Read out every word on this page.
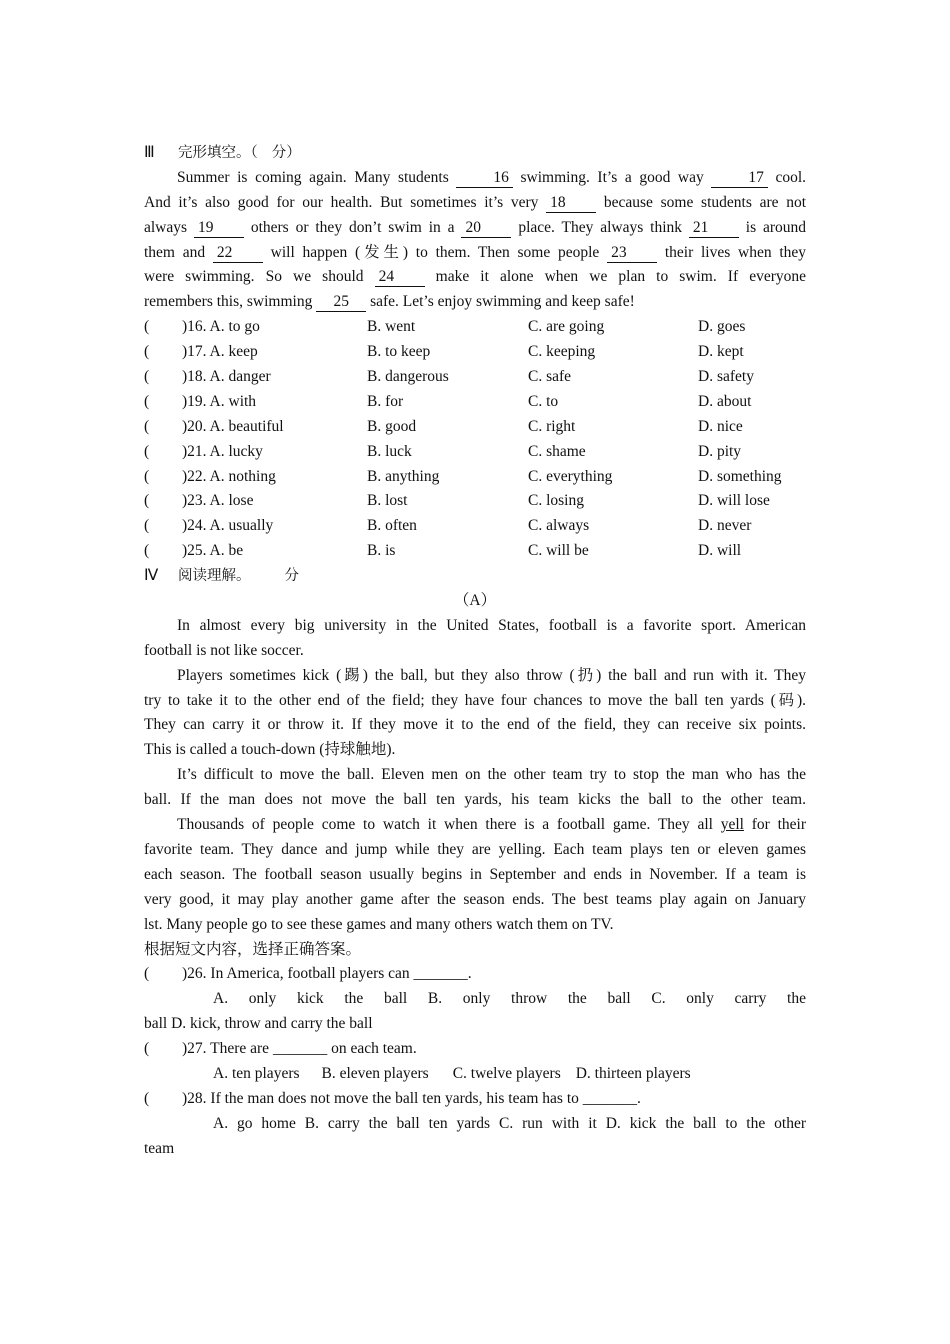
Ⅲ 完形填空。（ 分）
Summer is coming again. Many students	16 swimming. It’s a good way	17 cool.
And it’s also good for our health. But sometimes it’s very 18 because some students are not
always 19 others or they don’t swim in a 20 place. They always think 21 is around
them and 22 will happen (发生) to them. Then some people 23 their lives when they
were swimming. So we should 24	make it alone when we plan to swim. If everyone
remembers this, swimming 25 safe. Let’s enjoy swimming and keep safe!
( )16. A. to go	B. went	C. are going	D. goes
( )17. A. keep	B. to keep	C. keeping	D. kept
( )18. A. danger	B. dangerous	C. safe	D. safety
( )19. A. with	B. for	C. to	D. about
( )20. A. beautiful	B. good	C. right	D. nice
( )21. A. lucky	B. luck	C. shame	D. pity
( )22. A. nothing	B. anything	C. everything	D. something
( )23. A. lose	B. lost	C. losing	D. will lose
( )24. A. usually	B. often	C. always	D. never
( )25. A. be	B. is	C. will be	D. will
Ⅳ 阅读理解。 分
（A）
In almost every big university in the United States, football is a favorite sport. American
football is not like soccer.
Players sometimes kick (踢) the ball, but they also throw (扔) the ball and run with it. They
try to take it to the other end of the field; they have four chances to move the ball ten yards (码).
They can carry it or throw it. If they move it to the end of the field, they can receive six points.
This is called a touch-down (持球触地).
It’s difficult to move the ball. Eleven men on the other team try to stop the man who has the
ball. If the man does not move the ball ten yards, his team kicks the ball to the other team.
Thousands of people come to watch it when there is a football game. They all yell for their
favorite team. They dance and jump while they are yelling. Each team plays ten or eleven games
each season. The football season usually begins in September and ends in November. If a team is
very good, it may play another game after the season ends. The best teams play again on January
lst. Many people go to see these games and many others watch them on TV.
根据短文内容，选择正确答案。
( )26. In America, football players can _______.
A. only kick the ball B. only throw the ball C. only carry the
ball D. kick, throw and carry the ball
( )27. There are _______ on each team.
A. ten players B. eleven players C. twelve players D. thirteen players
( )28. If the man does not move the ball ten yards, his team has to _______.
A. go home B. carry the ball ten yards C. run with it D. kick the ball to the other
team
